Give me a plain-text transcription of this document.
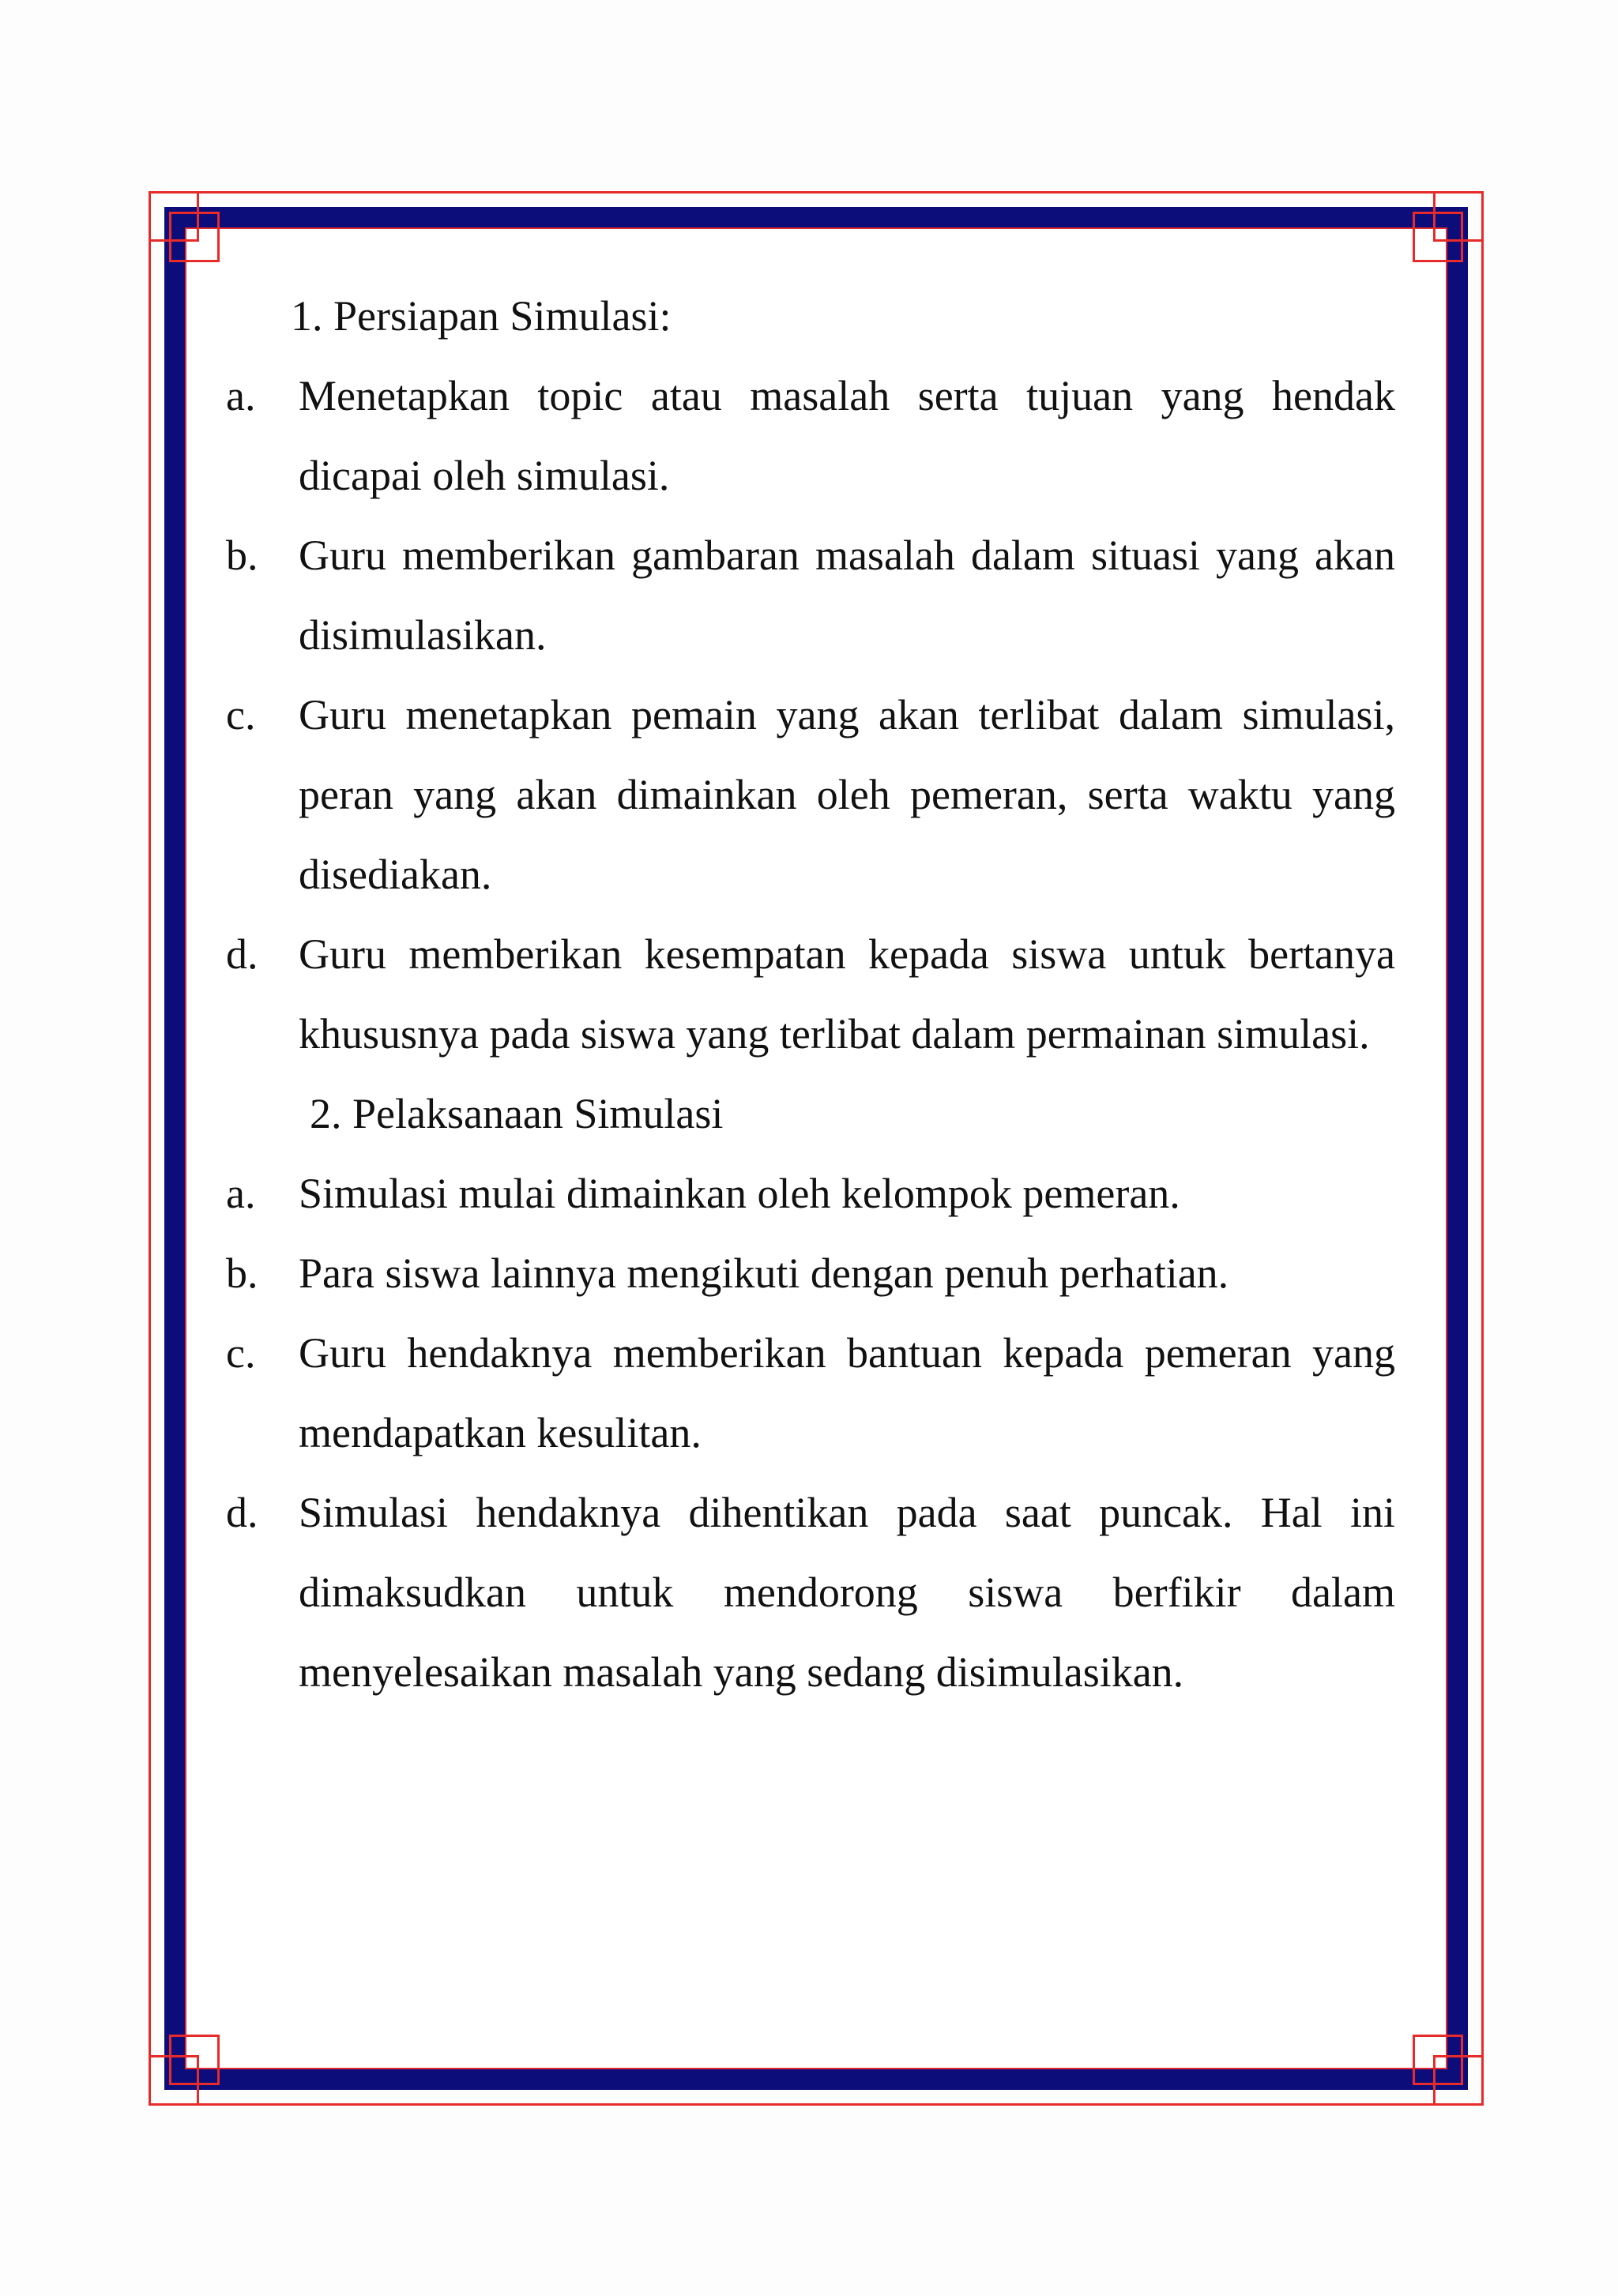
1. Persiapan Simulasi:
a.	Menetapkan topic atau masalah serta tujuan yang hendak dicapai oleh simulasi.
b. Guru memberikan gambaran masalah dalam situasi yang akan disimulasikan.
c.	Guru menetapkan pemain yang akan terlibat dalam simulasi, peran yang akan dimainkan oleh pemeran, serta waktu yang disediakan.
d. Guru memberikan kesempatan kepada siswa untuk bertanya khususnya pada siswa yang terlibat dalam permainan simulasi.
2. Pelaksanaan Simulasi
a.	Simulasi mulai dimainkan oleh kelompok pemeran.
b. Para siswa lainnya mengikuti dengan penuh perhatian.
c.	Guru hendaknya memberikan bantuan kepada pemeran yang mendapatkan kesulitan.
d. Simulasi hendaknya dihentikan pada saat puncak. Hal ini dimaksudkan untuk mendorong siswa berfikir dalam menyelesaikan masalah yang sedang disimulasikan.
